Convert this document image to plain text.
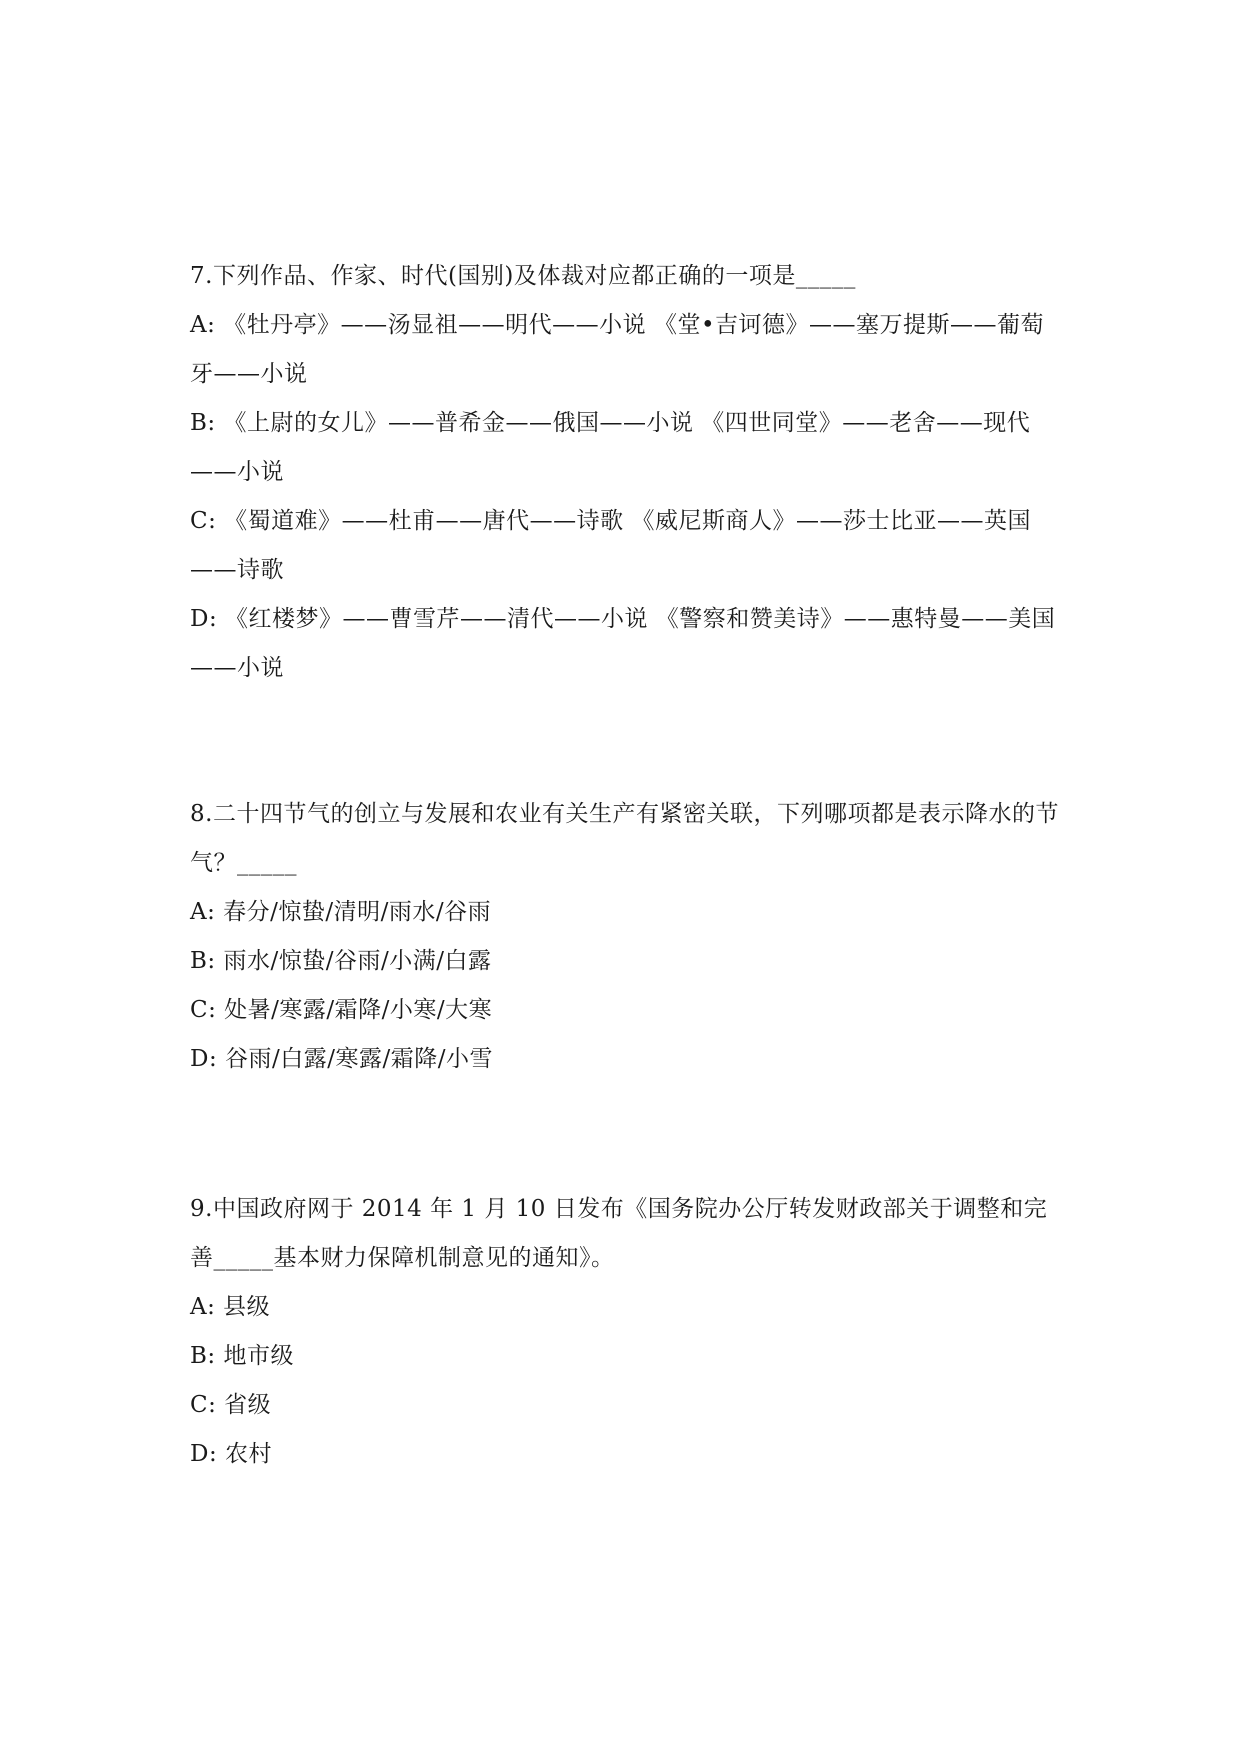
7.下列作品、作家、时代(国别)及体裁对应都正确的一项是_____

A: 《牡丹亭》——汤显祖——明代——小说 《堂•吉诃德》——塞万提斯——葡萄牙——小说

B: 《上尉的女儿》——普希金——俄国——小说 《四世同堂》——老舍——现代——小说

C: 《蜀道难》——杜甫——唐代——诗歌 《威尼斯商人》——莎士比亚——英国——诗歌

D: 《红楼梦》——曹雪芹——清代——小说 《警察和赞美诗》——惠特曼——美国——小说

8.二十四节气的创立与发展和农业有关生产有紧密关联，下列哪项都是表示降水的节气？_____

A: 春分/惊蛰/清明/雨水/谷雨

B: 雨水/惊蛰/谷雨/小满/白露

C: 处暑/寒露/霜降/小寒/大寒

D: 谷雨/白露/寒露/霜降/小雪

9.中国政府网于 2014 年 1 月 10 日发布《国务院办公厅转发财政部关于调整和完善_____基本财力保障机制意见的通知》。

A: 县级

B: 地市级

C: 省级

D: 农村
